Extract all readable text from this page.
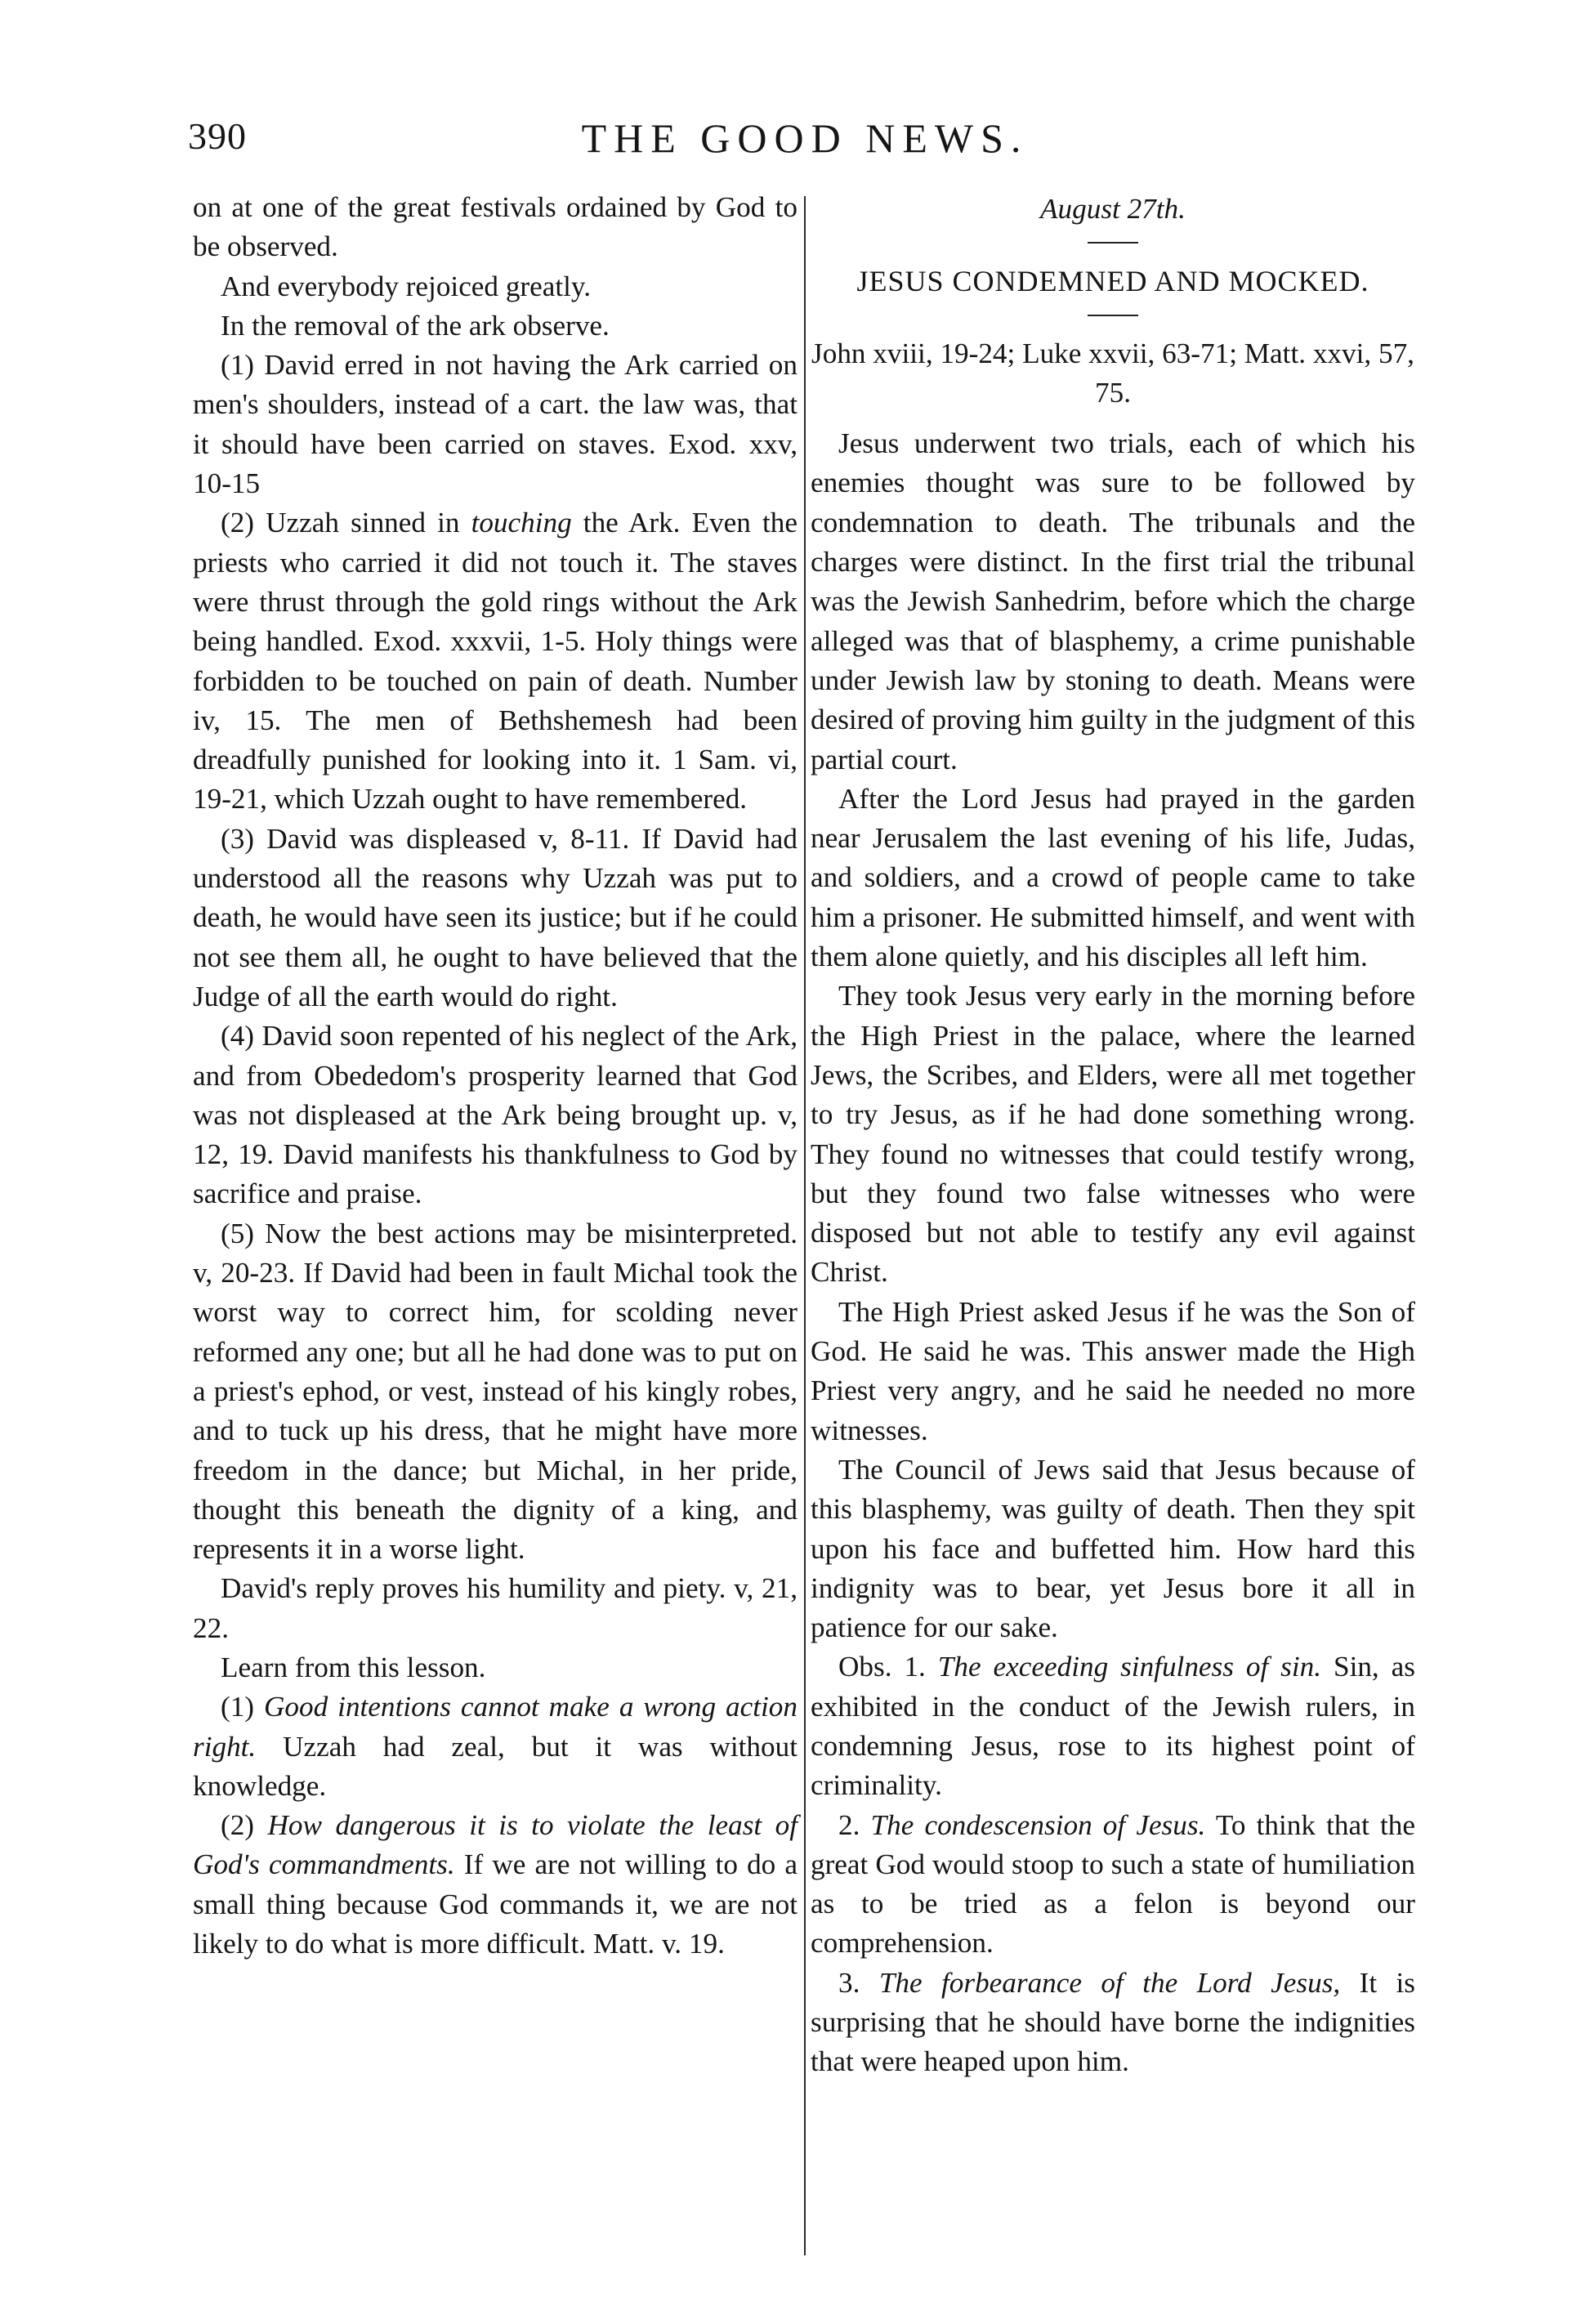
390	THE GOOD NEWS.

on at one of the great festivals ordained by God to be observed.

And everybody rejoiced greatly.

In the removal of the ark observe.

(1) David erred in not having the Ark carried on men's shoulders, instead of a cart. the law was, that it should have been carried on staves. Exod. xxv, 10-15

(2) Uzzah sinned in touching the Ark. Even the priests who carried it did not touch it. The staves were thrust through the gold rings without the Ark being handled. Exod. xxxvii, 1-5. Holy things were forbidden to be touched on pain of death. Number iv, 15. The men of Bethshemesh had been dreadfully punished for looking into it. 1 Sam. vi, 19-21, which Uzzah ought to have remembered.

(3) David was displeased v, 8-11. If David had understood all the reasons why Uzzah was put to death, he would have seen its justice; but if he could not see them all, he ought to have believed that the Judge of all the earth would do right.

(4) David soon repented of his neglect of the Ark, and from Obededom's prosperity learned that God was not displeased at the Ark being brought up. v, 12, 19. David manifests his thankfulness to God by sacrifice and praise.

(5) Now the best actions may be misinterpreted. v, 20-23. If David had been in fault Michal took the worst way to correct him, for scolding never reformed any one; but all he had done was to put on a priest's ephod, or vest, instead of his kingly robes, and to tuck up his dress, that he might have more freedom in the dance; but Michal, in her pride, thought this beneath the dignity of a king, and represents it in a worse light.

David's reply proves his humility and piety. v, 21, 22.

Learn from this lesson.

(1) Good intentions cannot make a wrong action right. Uzzah had zeal, but it was without knowledge.

(2) How dangerous it is to violate the least of God's commandments. If we are not willing to do a small thing because God commands it, we are not likely to do what is more difficult. Matt. v. 19.

August 27th.

JESUS CONDEMNED AND MOCKED.

John xviii, 19-24; Luke xxvii, 63-71; Matt. xxvi, 57, 75.

Jesus underwent two trials, each of which his enemies thought was sure to be followed by condemnation to death. The tribunals and the charges were distinct. In the first trial the tribunal was the Jewish Sanhedrim, before which the charge alleged was that of blasphemy, a crime punishable under Jewish law by stoning to death. Means were desired of proving him guilty in the judgment of this partial court.

After the Lord Jesus had prayed in the garden near Jerusalem the last evening of his life, Judas, and soldiers, and a crowd of people came to take him a prisoner. He submitted himself, and went with them alone quietly, and his disciples all left him.

They took Jesus very early in the morning before the High Priest in the palace, where the learned Jews, the Scribes, and Elders, were all met together to try Jesus, as if he had done something wrong. They found no witnesses that could testify wrong, but they found two false witnesses who were disposed but not able to testify any evil against Christ.

The High Priest asked Jesus if he was the Son of God. He said he was. This answer made the High Priest very angry, and he said he needed no more witnesses.

The Council of Jews said that Jesus because of this blasphemy, was guilty of death. Then they spit upon his face and buffetted him. How hard this indignity was to bear, yet Jesus bore it all in patience for our sake.

Obs. 1. The exceeding sinfulness of sin. Sin, as exhibited in the conduct of the Jewish rulers, in condemning Jesus, rose to its highest point of criminality.

2. The condescension of Jesus. To think that the great God would stoop to such a state of humiliation as to be tried as a felon is beyond our comprehension.

3. The forbearance of the Lord Jesus, It is surprising that he should have borne the indignities that were heaped upon him.
